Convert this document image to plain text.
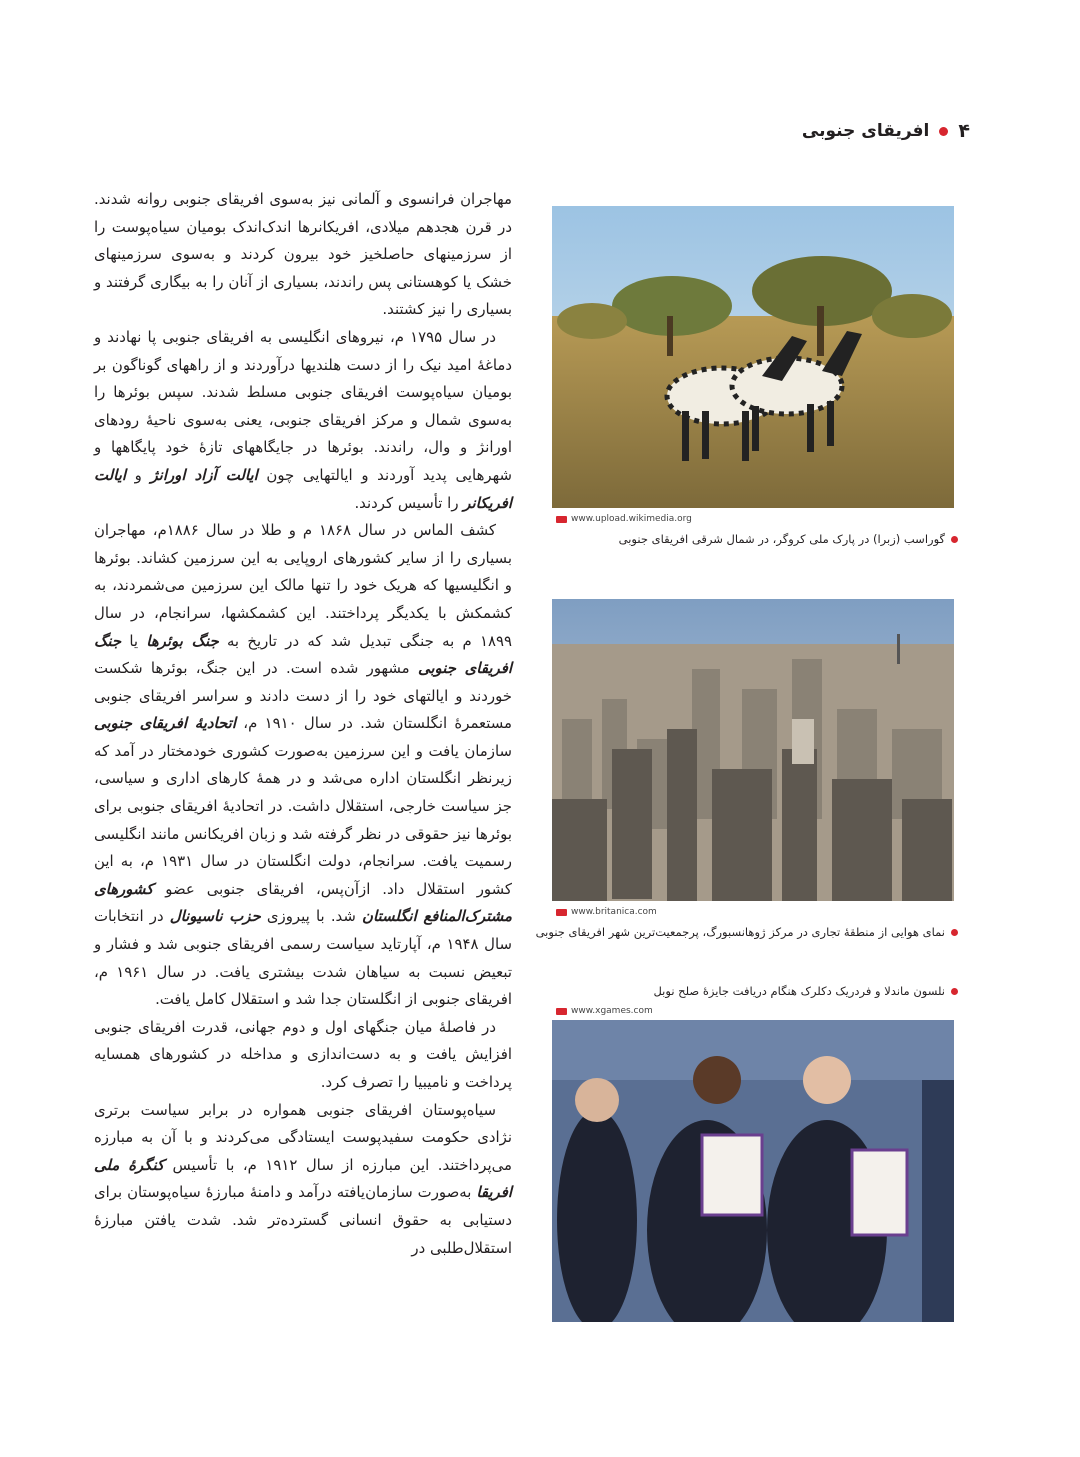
۴
افریقای جنوبی

مهاجران فرانسوی و آلمانی نیز به‌سوی افریقای جنوبی روانه شدند. در قرن هجدهم میلادی، افریکانرها اندک‌اندک بومیان سیاه‌پوست را از سرزمینهای حاصلخیز خود بیرون کردند و به‌سوی سرزمینهای خشک یا کوهستانی پس راندند، بسیاری از آنان را به بیگاری گرفتند و بسیاری را نیز کشتند.

در سال ۱۷۹۵ م، نیروهای انگلیسی به افریقای جنوبی پا نهادند و دماغهٔ امید نیک را از دست هلندیها درآوردند و از راههای گوناگون بر بومیان سیاه‌پوست افریقای جنوبی مسلط شدند. سپس بوئرها را به‌سوی شمال و مرکز افریقای جنوبی، یعنی به‌سوی ناحیهٔ رودهای اورانژ و وال، راندند. بوئرها در جایگاههای تازهٔ خود پایگاهها و شهرهایی پدید آوردند و ایالتهایی چون ایالت آزاد اورانژ و ایالت افریکانر را تأسیس کردند.

کشف الماس در سال ۱۸۶۸ م و طلا در سال ۱۸۸۶م، مهاجران بسیاری را از سایر کشورهای اروپایی به این سرزمین کشاند. بوئرها و انگلیسیها که هریک خود را تنها مالک این سرزمین می‌شمردند، به کشمکش با یکدیگر پرداختند. این کشمکشها، سرانجام، در سال ۱۸۹۹ م به جنگی تبدیل شد که در تاریخ به جنگ بوئرها یا جنگ افریقای جنوبی مشهور شده است. در این جنگ، بوئرها شکست خوردند و ایالتهای خود را از دست دادند و سراسر افریقای جنوبی مستعمرهٔ انگلستان شد. در سال ۱۹۱۰ م، اتحادیهٔ افریقای جنوبی سازمان یافت و این سرزمین به‌صورت کشوری خودمختار در آمد که زیرنظر انگلستان اداره می‌شد و در همهٔ کارهای اداری و سیاسی، جز سیاست خارجی، استقلال داشت. در اتحادیهٔ افریقای جنوبی برای بوئرها نیز حقوقی در نظر گرفته شد و زبان افریکانس مانند انگلیسی رسمیت یافت. سرانجام، دولت انگلستان در سال ۱۹۳۱ م، به این کشور استقلال داد. ازآن‌پس، افریقای جنوبی عضو کشورهای مشترک‌المنافع انگلستان شد. با پیروزی حزب ناسیونال در انتخابات سال ۱۹۴۸ م، آپارتاید سیاست رسمی افریقای جنوبی شد و فشار و تبعیض نسبت به سیاهان شدت بیشتری یافت. در سال ۱۹۶۱ م، افریقای جنوبی از انگلستان جدا شد و استقلال کامل یافت.

در فاصلهٔ میان جنگهای اول و دوم جهانی، قدرت افریقای جنوبی افزایش یافت و به دست‌اندازی و مداخله در کشورهای همسایه پرداخت و نامیبیا را تصرف کرد.

سیاه‌پوستان افریقای جنوبی همواره در برابر سیاست برتری نژادی حکومت سفیدپوست ایستادگی می‌کردند و با آن به مبارزه می‌پرداختند. این مبارزه از سال ۱۹۱۲ م، با تأسیس کنگرهٔ ملی افریقا به‌صورت سازمان‌یافته درآمد و دامنهٔ مبارزهٔ سیاه‌پوستان برای دستیابی به حقوق انسانی گسترده‌تر شد. شدت یافتن مبارزهٔ استقلال‌طلبی در

www.upload.wikimedia.org
گورا‌سب (زبرا) در پارک ملی کروگر، در شمال شرقی افریقای جنوبی
www.britanica.com
نمای هوایی از منطقهٔ تجاری در مرکز ژوهانسبورگ، پرجمعیت‌ترین شهر افریقای جنوبی
نلسون ماندلا و فردریک دکلرک هنگام دریافت جایزهٔ صلح نوبل
www.xgames.com
